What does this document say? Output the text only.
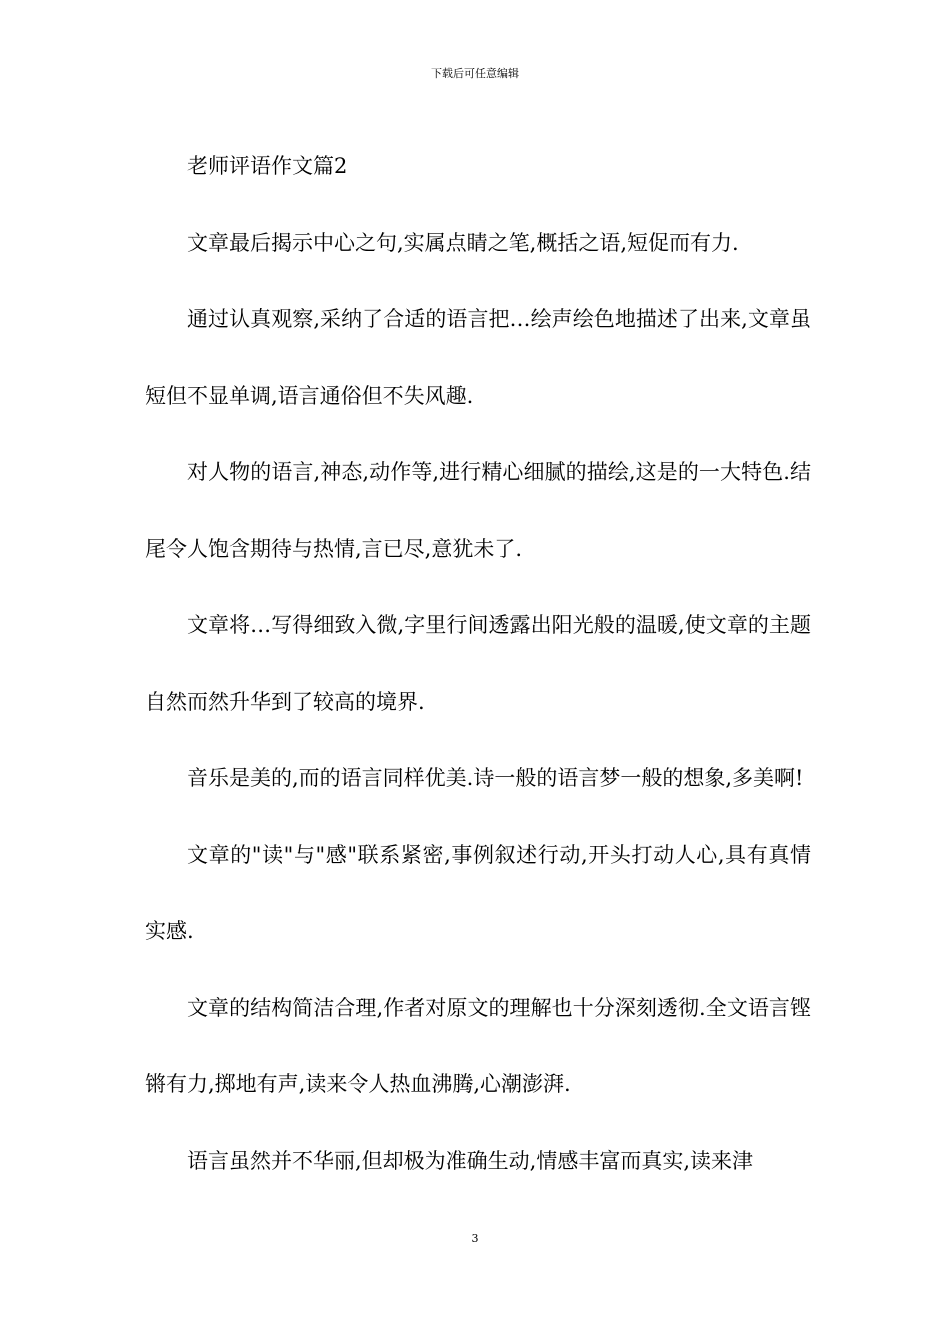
下载后可任意编辑

老师评语作文篇2

文章最后揭示中心之句,实属点睛之笔,概括之语,短促而有力.

通过认真观察,采纳了合适的语言把…绘声绘色地描述了出来,文章虽短但不显单调,语言通俗但不失风趣.

对人物的语言,神态,动作等,进行精心细腻的描绘,这是的一大特色.结尾令人饱含期待与热情,言已尽,意犹未了.

文章将…写得细致入微,字里行间透露出阳光般的温暖,使文章的主题自然而然升华到了较高的境界.

音乐是美的,而的语言同样优美.诗一般的语言梦一般的想象,多美啊!

文章的"读"与"感"联系紧密,事例叙述行动,开头打动人心,具有真情实感.

文章的结构简洁合理,作者对原文的理解也十分深刻透彻.全文语言铿锵有力,掷地有声,读来令人热血沸腾,心潮澎湃.

语言虽然并不华丽,但却极为准确生动,情感丰富而真实,读来津

3
